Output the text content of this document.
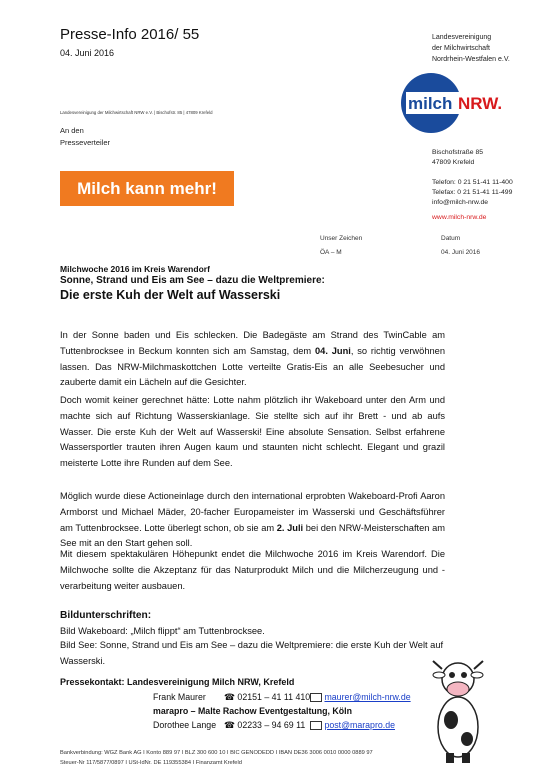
Presse-Info 2016/ 55
04. Juni 2016
Landesvereinigung
der Milchwirtschaft
Nordrhein-Westfalen e.V.
milch NRW.
Landesvereinigung der Milchwirtschaft NRW e.V. | Bischofstr. 85 | 47809 Krefeld
An den
Presseverteiler
Bischofstraße 85
47809 Krefeld
Telefon: 0 21 51-41 11-400
Telefax: 0 21 51-41 11-499
info@milch-nrw.de
www.milch-nrw.de
Milch kann mehr!
Unser Zeichen	Datum
ÖA – M	04. Juni 2016
Milchwoche 2016 im Kreis Warendorf
Sonne, Strand und Eis am See – dazu die Weltpremiere:
Die erste Kuh der Welt auf Wasserski
In der Sonne baden und Eis schlecken. Die Badegäste am Strand des TwinCable am Tuttenbrocksee in Beckum konnten sich am Samstag, dem 04. Juni, so richtig verwöhnen lassen. Das NRW-Milchmaskottchen Lotte verteilte Gratis-Eis an alle Seebesucher und zauberte damit ein Lächeln auf die Gesichter.
Doch womit keiner gerechnet hätte: Lotte nahm plötzlich ihr Wakeboard unter den Arm und machte sich auf Richtung Wasserskianlage. Sie stellte sich auf ihr Brett - und ab aufs Wasser. Die erste Kuh der Welt auf Wasserski! Eine absolute Sensation. Selbst erfahrene Wassersportler trauten ihren Augen kaum und staunten nicht schlecht. Elegant und grazil meisterte Lotte ihre Runden auf dem See.
Möglich wurde diese Actioneinlage durch den international erprobten Wakeboard-Profi Aaron Armborst und Michael Mäder, 20-facher Europameister im Wasserski und Geschäftsführer am Tuttenbrocksee. Lotte überlegt schon, ob sie am 2. Juli bei den NRW-Meisterschaften am See mit an den Start gehen soll.
Mit diesem spektakulären Höhepunkt endet die Milchwoche 2016 im Kreis Warendorf. Die Milchwoche sollte die Akzeptanz für das Naturprodukt Milch und die Milcherzeugung und -verarbeitung weiter ausbauen.
Bildunterschriften:
Bild Wakeboard: „Milch flippt“ am Tuttenbrocksee.
Bild See: Sonne, Strand und Eis am See – dazu die Weltpremiere: die erste Kuh der Welt auf Wasserski.
Pressekontakt: Landesvereinigung Milch NRW, Krefeld
Frank Maurer ☎ 02151 – 41 11 410	maurer@milch-nrw.de
marapro – Malte Rachow Eventgestaltung, Köln
Dorothee Lange ☎ 02233 – 94 69 11	post@marapro.de
Bankverbindung: WGZ Bank AG I Konto 889 97 I BLZ 300 600 10 I BIC GENODEDD I IBAN DE36 3006 0010 0000 0889 97
Steuer-Nr 117/5877/0897 I USt-IdNr. DE 119355384 I Finanzamt Krefeld
